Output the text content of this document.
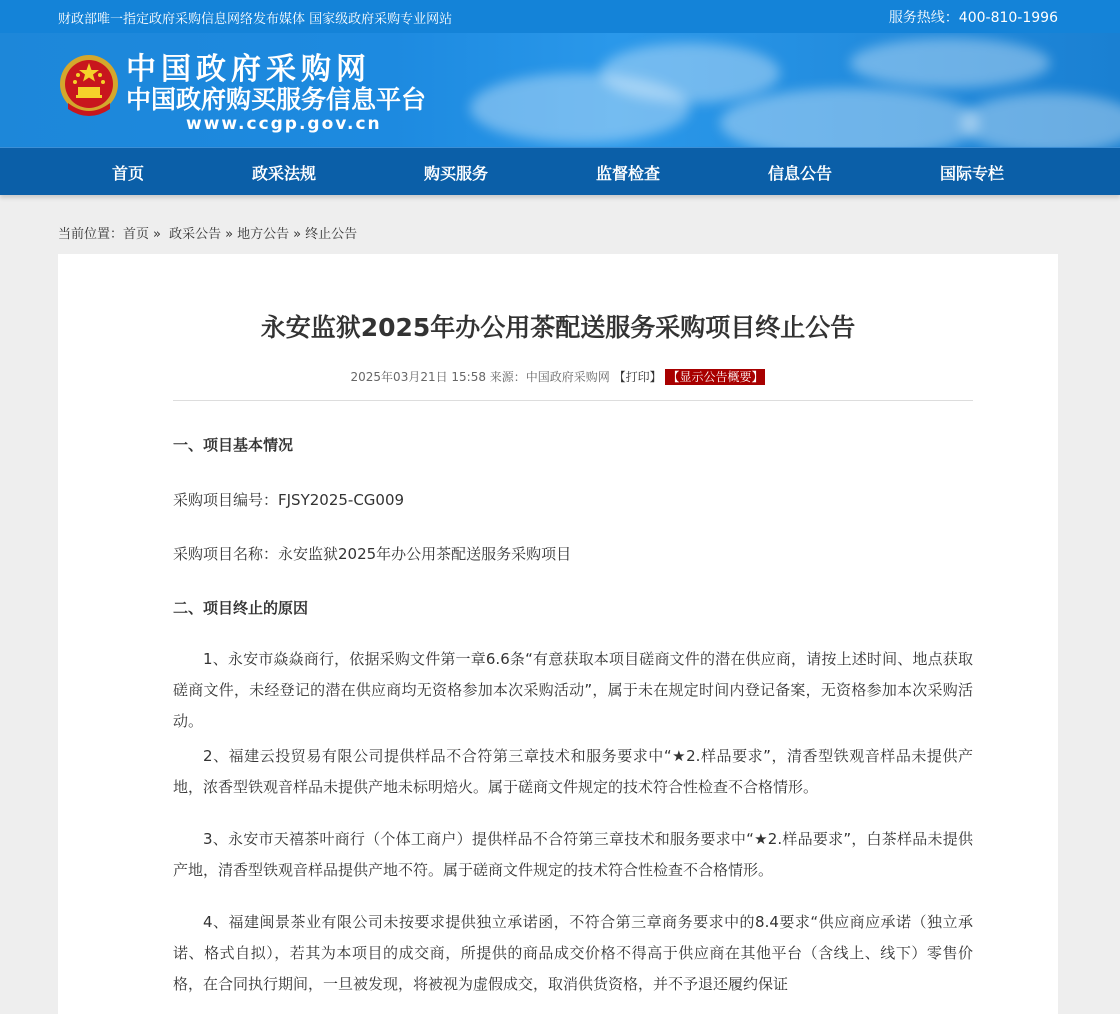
财政部唯一指定政府采购信息网络发布媒体 国家级政府采购专业网站	服务热线：400-810-1996
中国政府采购网
中国政府购买服务信息平台
www.ccgp.gov.cn
首页	政采法规	购买服务	监督检查	信息公告	国际专栏
当前位置：首页 » 政采公告 » 地方公告 » 终止公告
永安监狱2025年办公用茶配送服务采购项目终止公告
2025年03月21日 15:58 来源：中国政府采购网 【打印】 【显示公告概要】
一、项目基本情况
采购项目编号：FJSY2025-CG009
采购项目名称：永安监狱2025年办公用茶配送服务采购项目
二、项目终止的原因
1、永安市焱焱商行，依据采购文件第一章6.6条“有意获取本项目磋商文件的潜在供应商，请按上述时间、地点获取磋商文件，未经登记的潜在供应商均无资格参加本次采购活动”，属于未在规定时间内登记备案，无资格参加本次采购活动。
2、福建云投贸易有限公司提供样品不合符第三章技术和服务要求中“★2.样品要求”，清香型铁观音样品未提供产地，浓香型铁观音样品未提供产地未标明焙火。属于磋商文件规定的技术符合性检查不合格情形。
3、永安市天禧茶叶商行（个体工商户）提供样品不合符第三章技术和服务要求中“★2.样品要求”，白茶样品未提供产地，清香型铁观音样品提供产地不符。属于磋商文件规定的技术符合性检查不合格情形。
4、福建闽景茶业有限公司未按要求提供独立承诺函，不符合第三章商务要求中的8.4要求“供应商应承诺（独立承诺、格式自拟），若其为本项目的成交商，所提供的商品成交价格不得高于供应商在其他平台（含线上、线下）零售价格，在合同执行期间，一旦被发现，将被视为虚假成交，取消供货资格，并不予退还履约保证
